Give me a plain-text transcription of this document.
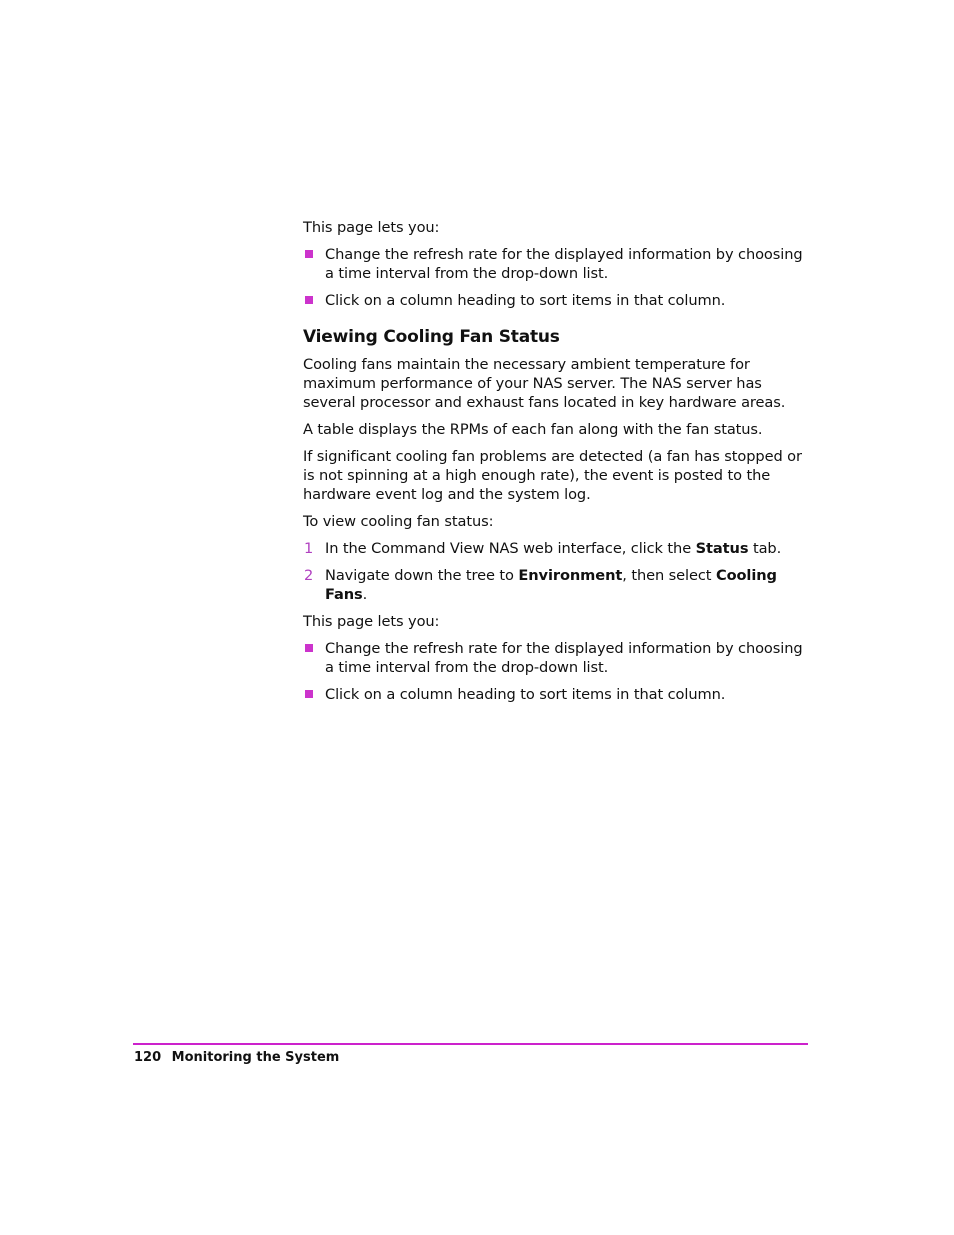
This page lets you:

Change the refresh rate for the displayed information by choosing a time interval from the drop-down list.
Click on a column heading to sort items in that column.
Viewing Cooling Fan Status

Cooling fans maintain the necessary ambient temperature for maximum performance of your NAS server. The NAS server has several processor and exhaust fans located in key hardware areas.

A table displays the RPMs of each fan along with the fan status.

If significant cooling fan problems are detected (a fan has stopped or is not spinning at a high enough rate), the event is posted to the hardware event log and the system log.

To view cooling fan status:

1 In the Command View NAS web interface, click the Status tab.
2 Navigate down the tree to Environment, then select Cooling Fans.

This page lets you:

Change the refresh rate for the displayed information by choosing a time interval from the drop-down list.
Click on a column heading to sort items in that column.
120 Monitoring the System
